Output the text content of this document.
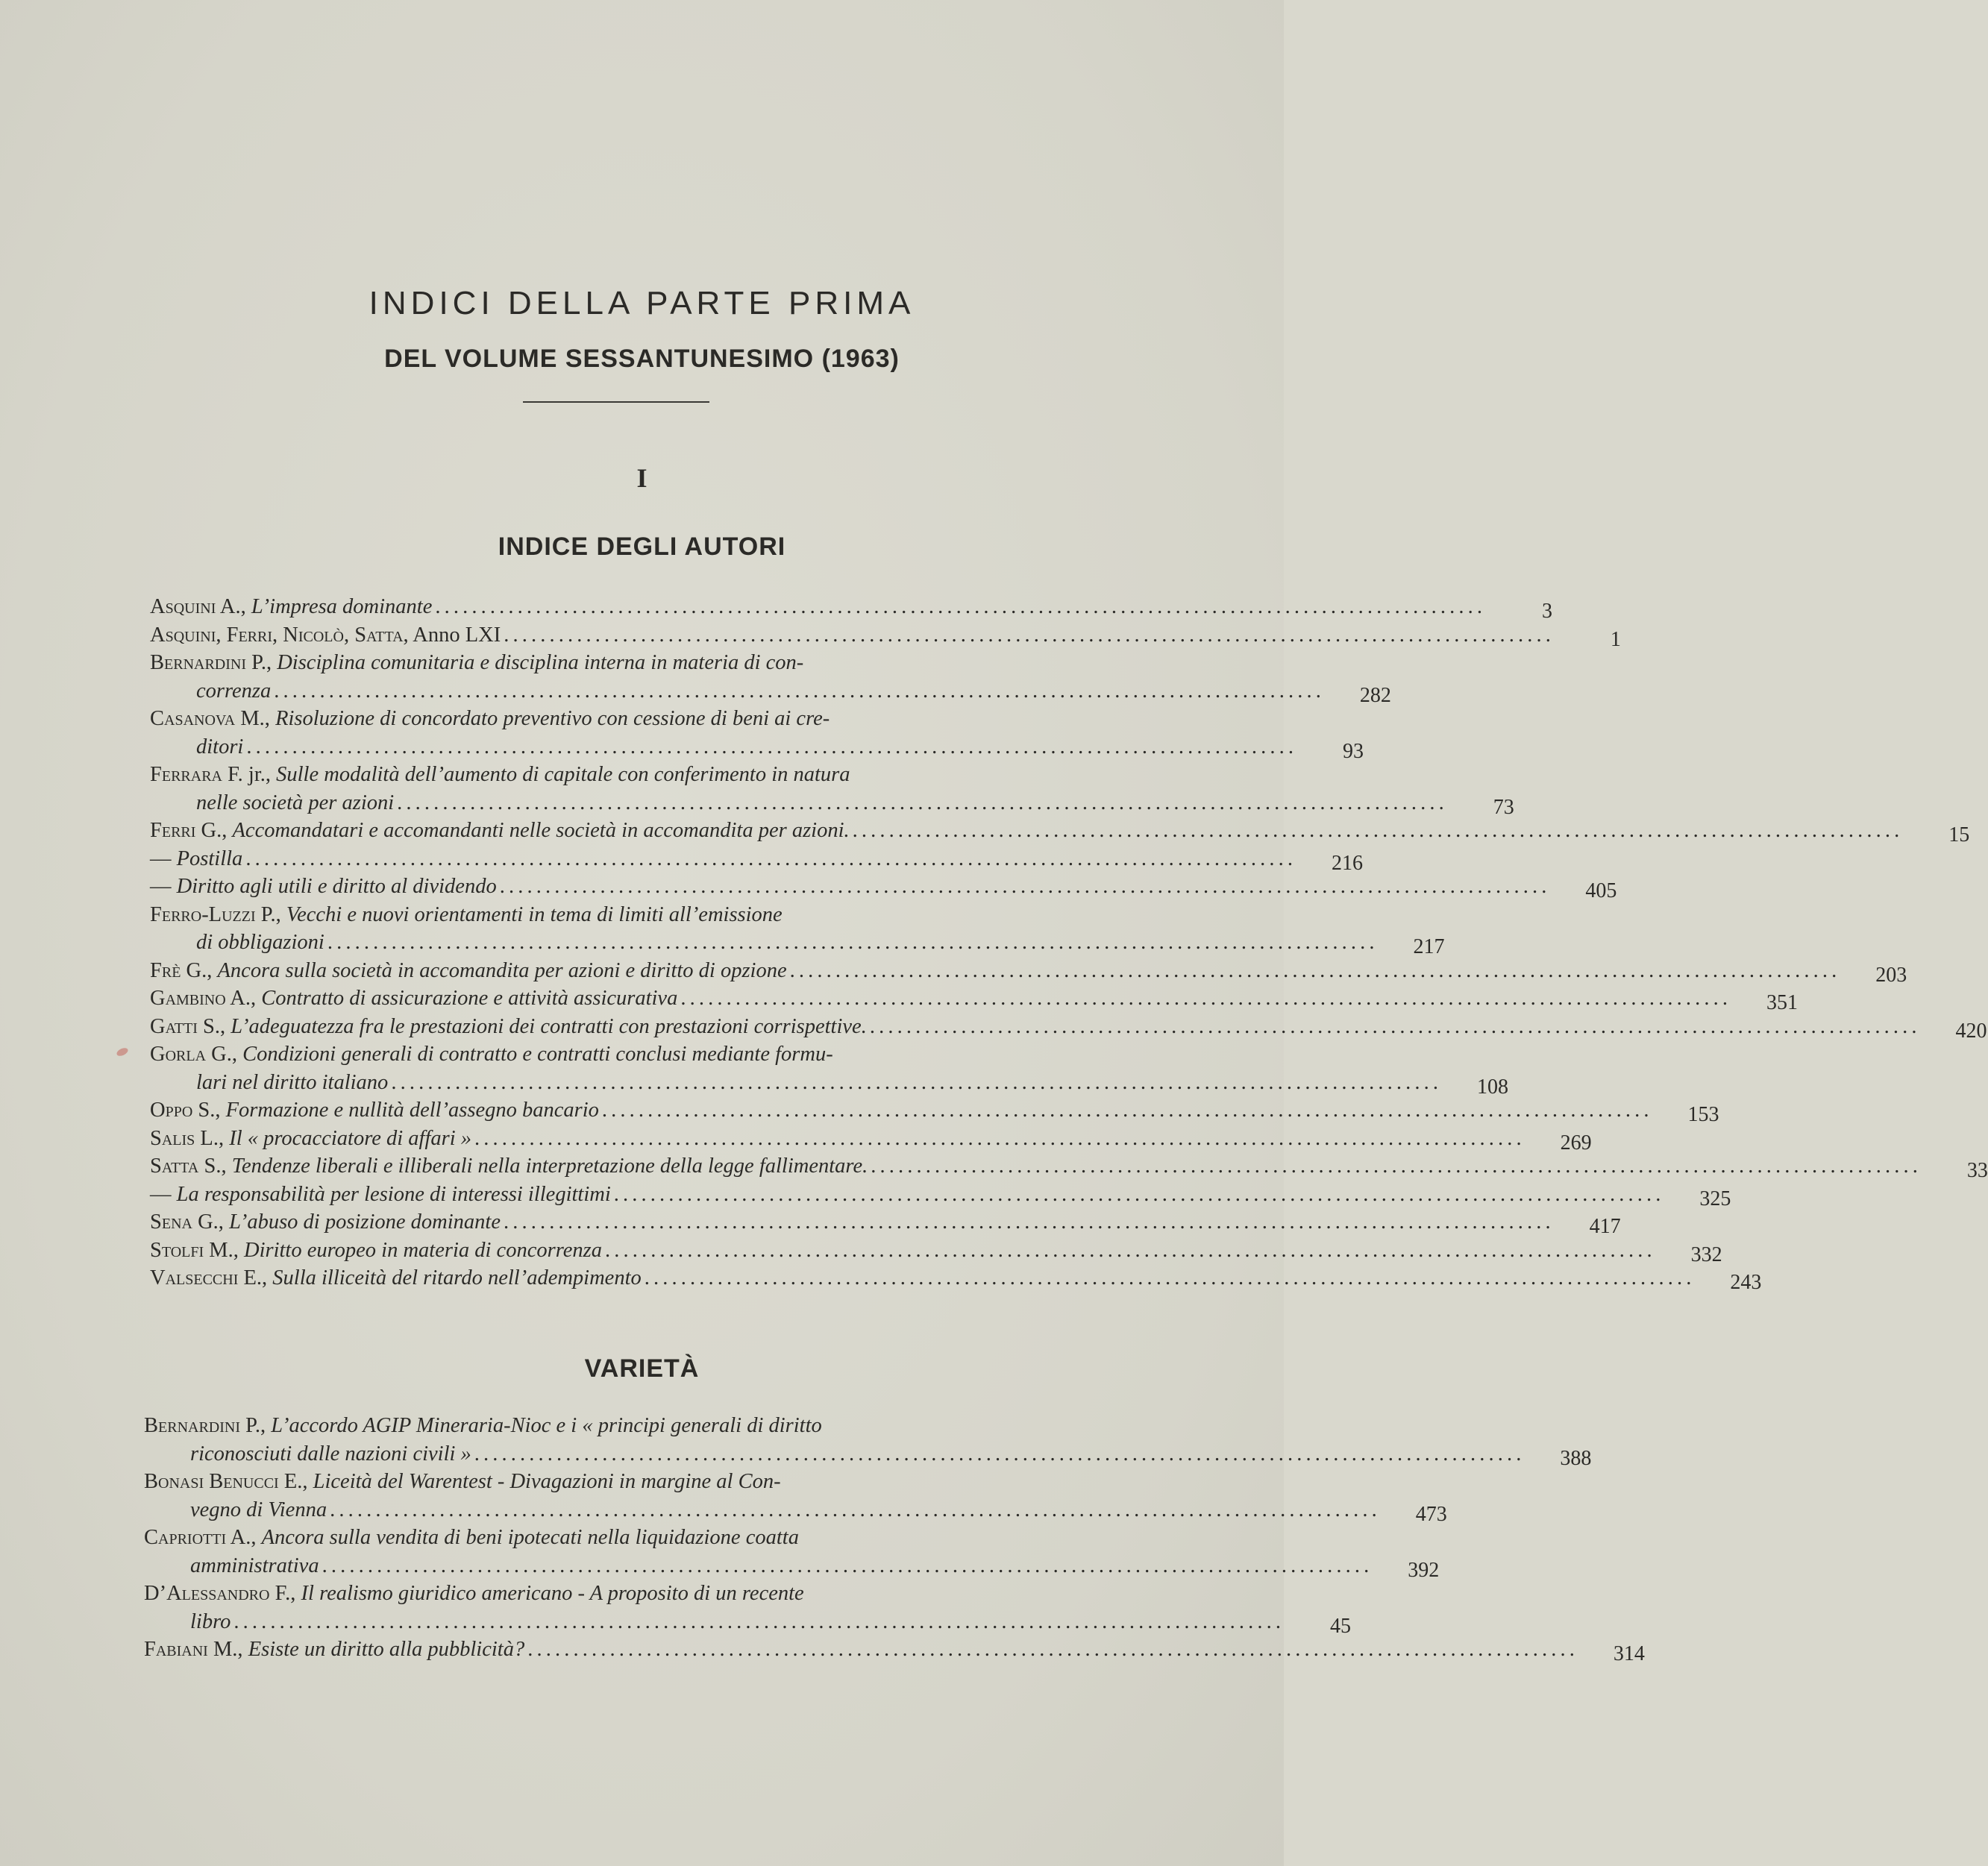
INDICI DELLA PARTE PRIMA
DEL VOLUME SESSANTUNESIMO (1963)
I
INDICE DEGLI AUTORI
Asquini A., L’impresa dominante . . .	3
Asquini, Ferri, Nicolò, Satta, Anno LXI . . .	1
Bernardini P., Disciplina comunitaria e disciplina interna in materia di con-
correnza . . .	282
Casanova M., Risoluzione di concordato preventivo con cessione di beni ai cre-
ditori . . .	93
Ferrara F. jr., Sulle modalità dell’aumento di capitale con conferimento in natura
nelle società per azioni . . .	73
Ferri G., Accomandatari e accomandanti nelle società in accomandita per azioni. . . .	15
— Postilla . . .	216
— Diritto agli utili e diritto al dividendo . . .	405
Ferro-Luzzi P., Vecchi e nuovi orientamenti in tema di limiti all’emissione
di obbligazioni . . .	217
Frè G., Ancora sulla società in accomandita per azioni e diritto di opzione . . .	203
Gambino A., Contratto di assicurazione e attività assicurativa . . .	351
Gatti S., L’adeguatezza fra le prestazioni dei contratti con prestazioni corrispettive. . . .	420
Gorla G., Condizioni generali di contratto e contratti conclusi mediante formu-
lari nel diritto italiano . . .	108
Oppo S., Formazione e nullità dell’assegno bancario . . .	153
Salis L., Il « procacciatore di affari » . . .	269
Satta S., Tendenze liberali e illiberali nella interpretazione della legge fallimentare. . . .	33
— La responsabilità per lesione di interessi illegittimi . . .	325
Sena G., L’abuso di posizione dominante . . .	417
Stolfi M., Diritto europeo in materia di concorrenza . . .	332
Valsecchi E., Sulla illiceità del ritardo nell’adempimento . . .	243
VARIETÀ
Bernardini P., L’accordo AGIP Mineraria-Nioc e i « principi generali di diritto
riconosciuti dalle nazioni civili » . . .	388
Bonasi Benucci E., Liceità del Warentest - Divagazioni in margine al Con-
vegno di Vienna . . .	473
Capriotti A., Ancora sulla vendita di beni ipotecati nella liquidazione coatta
amministrativa . . .	392
D’Alessandro F., Il realismo giuridico americano - A proposito di un recente
libro . . .	45
Fabiani M., Esiste un diritto alla pubblicità? . . .	314
